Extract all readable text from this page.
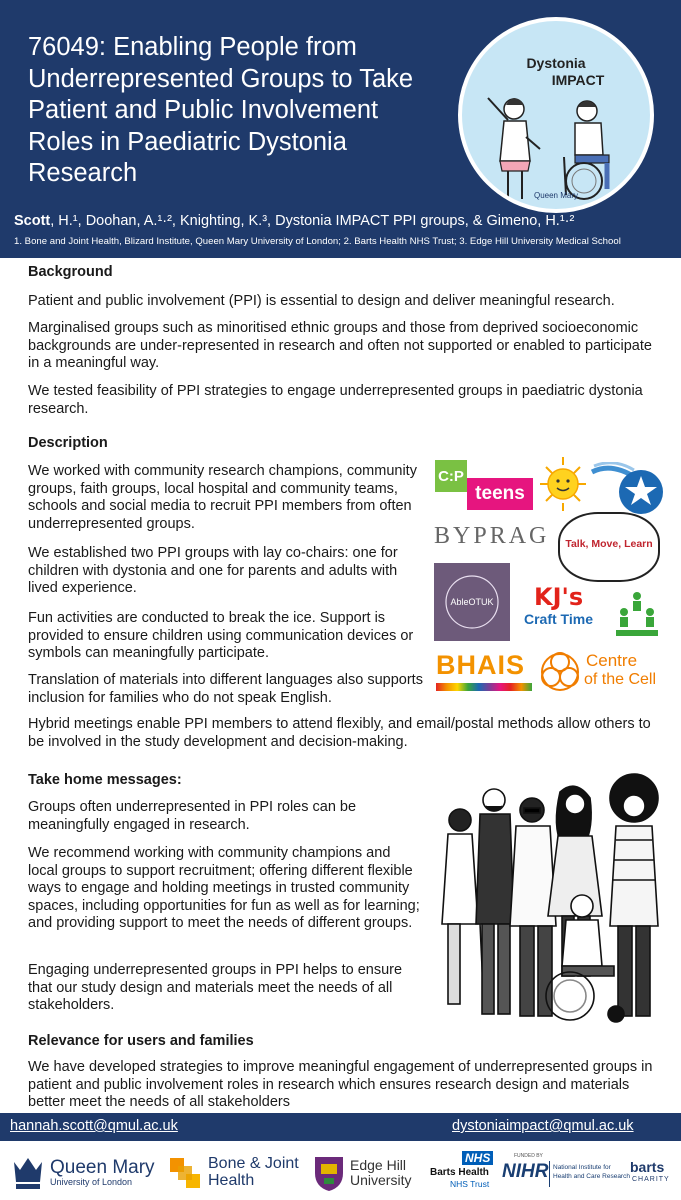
76049: Enabling People from Underrepresented Groups to Take Patient and Public Involvement Roles in Paediatric Dystonia Research
Dystonia
IMPACT
Queen Mary
Scott, H.¹, Doohan, A.¹·², Knighting, K.³, Dystonia IMPACT PPI groups, & Gimeno, H.¹·²
1. Bone and Joint Health, Blizard Institute, Queen Mary University of London; 2. Barts Health NHS Trust; 3. Edge Hill University Medical School
Background

Patient and public involvement (PPI) is essential to design and deliver meaningful research.

Marginalised groups such as minoritised ethnic groups and those from deprived socioeconomic backgrounds are under-represented in research and often not supported or enabled to participate in a meaningful way.

We tested feasibility of PPI strategies to engage underrepresented groups in paediatric dystonia research.

Description

We worked with community research champions, community groups, faith groups, local hospital and community teams, schools and social media to recruit PPI members from often underrepresented groups.

We established two PPI groups with lay co-chairs: one for children with dystonia and one for parents and adults with lived experience.

Fun activities are conducted to break the ice. Support is provided to ensure children using communication devices or symbols can meaningfully participate.

Translation of materials into different languages also supports inclusion for families who do not speak English.

Hybrid meetings enable PPI members to attend flexibly, and email/postal methods allow others to be involved in the study development and decision-making.

C:P
teens
BYPRAG	Talk, Move, Learn
AbleOTUK	KJ's
Craft Time
BHAIS	Centre
of the Cell
Take home messages:

Groups often underrepresented in PPI roles can be meaningfully engaged in research.

We recommend working with community champions and local groups to support recruitment; offering different flexible ways to engage and holding meetings in trusted community spaces, including opportunities for fun as well as for learning; and providing support to meet the needs of different groups.

Engaging underrepresented groups in PPI helps to ensure that our study design and materials meet the needs of all stakeholders.

Relevance for users and families

We have developed strategies to improve meaningful engagement of underrepresented groups in patient and public involvement roles in research which ensures research design and materials better meet the needs of all stakeholders

hannah.scott@qmul.ac.uk	dystoniaimpact@qmul.ac.uk
Queen Mary
University of London
Bone & Joint
Health
Edge Hill
University
NHS
Barts Health
NHS Trust
FUNDED BY
NIHR National Institute for
Health and Care Research
barts
CHARITY
